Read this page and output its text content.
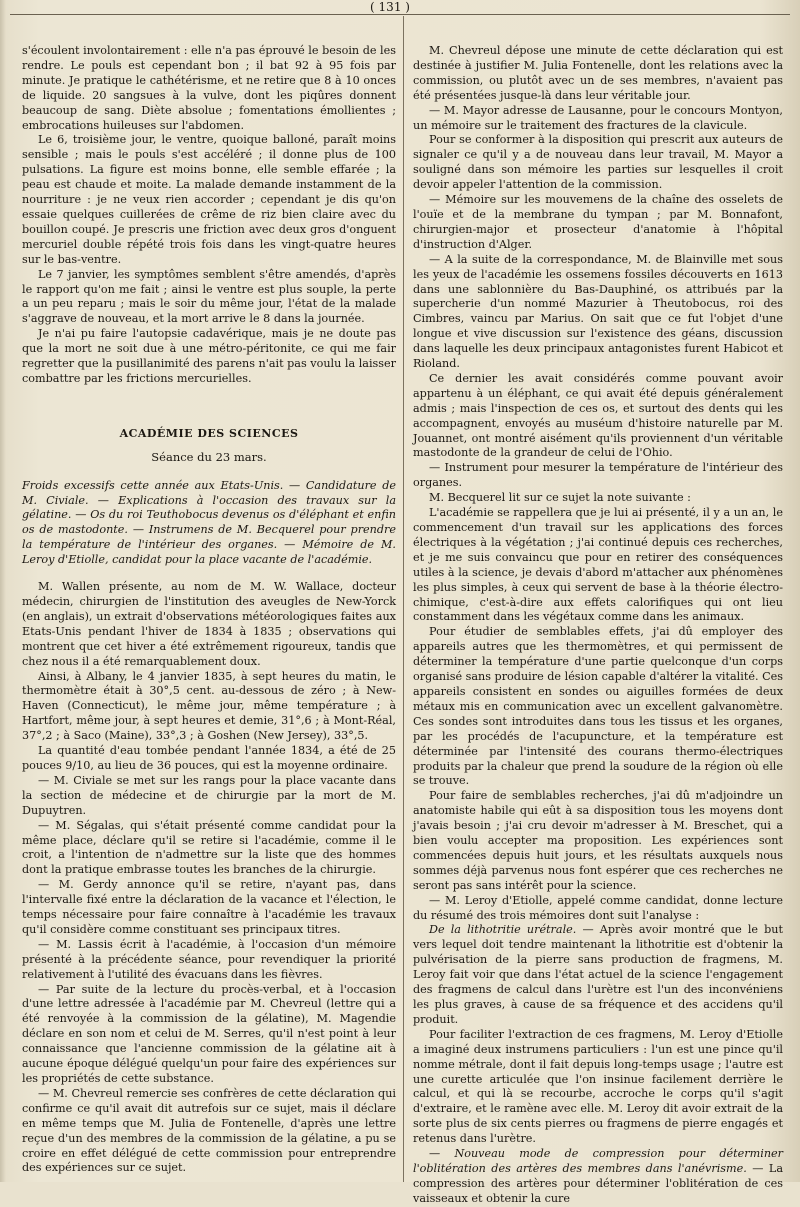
( 131 )

s'écoulent involontairement : elle n'a pas éprouvé le besoin de les rendre. Le pouls est cependant bon ; il bat 92 à 95 fois par minute. Je pratique le cathétérisme, et ne retire que 8 à 10 onces de liquide. 20 sangsues à la vulve, dont les piqûres donnent beaucoup de sang. Diète absolue ; fomentations émollientes ; embrocations huileuses sur l'abdomen.

Le 6, troisième jour, le ventre, quoique balloné, paraît moins sensible ; mais le pouls s'est accéléré ; il donne plus de 100 pulsations. La figure est moins bonne, elle semble effarée ; la peau est chaude et moite. La malade demande instamment de la nourriture : je ne veux rien accorder ; cependant je dis qu'on essaie quelques cuillerées de crême de riz bien claire avec du bouillon coupé. Je prescris une friction avec deux gros d'onguent mercuriel double répété trois fois dans les vingt-quatre heures sur le bas-ventre.

Le 7 janvier, les symptômes semblent s'être amendés, d'après le rapport qu'on me fait ; ainsi le ventre est plus souple, la perte a un peu reparu ; mais le soir du même jour, l'état de la malade s'aggrave de nouveau, et la mort arrive le 8 dans la journée.

Je n'ai pu faire l'autopsie cadavérique, mais je ne doute pas que la mort ne soit due à une métro-péritonite, ce qui me fair regretter que la pusillanimité des parens n'ait pas voulu la laisser combattre par les frictions mercurielles.

ACADÉMIE DES SCIENCES
Séance du 23 mars.

Froids excessifs cette année aux Etats-Unis. — Candidature de M. Civiale. — Explications à l'occasion des travaux sur la gélatine. — Os du roi Teuthobocus devenus os d'éléphant et enfin os de mastodonte. — Instrumens de M. Becquerel pour prendre la température de l'intérieur des organes. — Mémoire de M. Leroy d'Etiolle, candidat pour la place vacante de l'académie.

M. Wallen présente, au nom de M. W. Wallace, docteur médecin, chirurgien de l'institution des aveugles de New-Yorck (en anglais), un extrait d'observations météorologiques faites aux Etats-Unis pendant l'hiver de 1834 à 1835 ; observations qui montrent que cet hiver a été extrêmement rigoureux, tandis que chez nous il a été remarquablement doux.

Ainsi, à Albany, le 4 janvier 1835, à sept heures du matin, le thermomètre était à 30°,5 cent. au-dessous de zéro ; à New-Haven (Connecticut), le même jour, même température ; à Hartfort, même jour, à sept heures et demie, 31°,6 ; à Mont-Réal, 37°,2 ; à Saco (Maine), 33°,3 ; à Goshen (New Jersey), 33°,5.

La quantité d'eau tombée pendant l'année 1834, a été de 25 pouces 9/10, au lieu de 36 pouces, qui est la moyenne ordinaire.

— M. Civiale se met sur les rangs pour la place vacante dans la section de médecine et de chirurgie par la mort de M. Dupuytren.

— M. Ségalas, qui s'était présenté comme candidat pour la même place, déclare qu'il se retire si l'académie, comme il le croit, a l'intention de n'admettre sur la liste que des hommes dont la pratique embrasse toutes les branches de la chirurgie.

— M. Gerdy annonce qu'il se retire, n'ayant pas, dans l'intervalle fixé entre la déclaration de la vacance et l'élection, le temps nécessaire pour faire connaître à l'académie les travaux qu'il considère comme constituant ses principaux titres.

— M. Lassis écrit à l'académie, à l'occasion d'un mémoire présenté à la précédente séance, pour revendiquer la priorité relativement à l'utilité des évacuans dans les fièvres.

— Par suite de la lecture du procès-verbal, et à l'occasion d'une lettre adressée à l'académie par M. Chevreul (lettre qui a été renvoyée à la commission de la gélatine), M. Magendie déclare en son nom et celui de M. Serres, qu'il n'est point à leur connaissance que l'ancienne commission de la gélatine ait à aucune époque délégué quelqu'un pour faire des expériences sur les propriétés de cette substance.

— M. Chevreul remercie ses confrères de cette déclaration qui confirme ce qu'il avait dit autrefois sur ce sujet, mais il déclare en même temps que M. Julia de Fontenelle, d'après une lettre reçue d'un des membres de la commission de la gélatine, a pu se croire en effet délégué de cette commission pour entreprendre des expériences sur ce sujet.

M. Chevreul dépose une minute de cette déclaration qui est destinée à justifier M. Julia Fontenelle, dont les relations avec la commission, ou plutôt avec un de ses membres, n'avaient pas été présentées jusque-là dans leur véritable jour.

— M. Mayor adresse de Lausanne, pour le concours Montyon, un mémoire sur le traitement des fractures de la clavicule.

Pour se conformer à la disposition qui prescrit aux auteurs de signaler ce qu'il y a de nouveau dans leur travail, M. Mayor a souligné dans son mémoire les parties sur lesquelles il croit devoir appeler l'attention de la commission.

— Mémoire sur les mouvemens de la chaîne des osselets de l'ouïe et de la membrane du tympan ; par M. Bonnafont, chirurgien-major et prosecteur d'anatomie à l'hôpital d'instruction d'Alger.

— A la suite de la correspondance, M. de Blainville met sous les yeux de l'académie les ossemens fossiles découverts en 1613 dans une sablonnière du Bas-Dauphiné, os attribués par la supercherie d'un nommé Mazurier à Theutobocus, roi des Cimbres, vaincu par Marius. On sait que ce fut l'objet d'une longue et vive discussion sur l'existence des géans, discussion dans laquelle les deux principaux antagonistes furent Habicot et Rioland.

Ce dernier les avait considérés comme pouvant avoir appartenu à un éléphant, ce qui avait été depuis généralement admis ; mais l'inspection de ces os, et surtout des dents qui les accompagnent, envoyés au muséum d'histoire naturelle par M. Jouannet, ont montré aisément qu'ils proviennent d'un véritable mastodonte de la grandeur de celui de l'Ohio.

— Instrument pour mesurer la température de l'intérieur des organes.

M. Becquerel lit sur ce sujet la note suivante :

L'académie se rappellera que je lui ai présenté, il y a un an, le commencement d'un travail sur les applications des forces électriques à la végétation ; j'ai continué depuis ces recherches, et je me suis convaincu que pour en retirer des conséquences utiles à la science, je devais d'abord m'attacher aux phénomènes les plus simples, à ceux qui servent de base à la théorie électro-chimique, c'est-à-dire aux effets calorifiques qui ont lieu constamment dans les végétaux comme dans les animaux.

Pour étudier de semblables effets, j'ai dû employer des appareils autres que les thermomètres, et qui permissent de déterminer la température d'une partie quelconque d'un corps organisé sans produire de lésion capable d'altérer la vitalité. Ces appareils consistent en sondes ou aiguilles formées de deux métaux mis en communication avec un excellent galvanomètre. Ces sondes sont introduites dans tous les tissus et les organes, par les procédés de l'acupuncture, et la température est déterminée par l'intensité des courans thermo-électriques produits par la chaleur que prend la soudure de la région où elle se trouve.

Pour faire de semblables recherches, j'ai dû m'adjoindre un anatomiste habile qui eût à sa disposition tous les moyens dont j'avais besoin ; j'ai cru devoir m'adresser à M. Breschet, qui a bien voulu accepter ma proposition. Les expériences sont commencées depuis huit jours, et les résultats auxquels nous sommes déjà parvenus nous font espérer que ces recherches ne seront pas sans intérêt pour la science.

— M. Leroy d'Etiolle, appelé comme candidat, donne lecture du résumé des trois mémoires dont suit l'analyse :

De la lithotritie urétrale. — Après avoir montré que le but vers lequel doit tendre maintenant la lithotritie est d'obtenir la pulvérisation de la pierre sans production de fragmens, M. Leroy fait voir que dans l'état actuel de la science l'engagement des fragmens de calcul dans l'urètre est l'un des inconvéniens les plus graves, à cause de sa fréquence et des accidens qu'il produit.

Pour faciliter l'extraction de ces fragmens, M. Leroy d'Etiolle a imaginé deux instrumens particuliers : l'un est une pince qu'il nomme métrale, dont il fait depuis long-temps usage ; l'autre est une curette articulée que l'on insinue facilement derrière le calcul, et qui là se recourbe, accroche le corps qu'il s'agit d'extraire, et le ramène avec elle. M. Leroy dit avoir extrait de la sorte plus de six cents pierres ou fragmens de pierre engagés et retenus dans l'urètre.

— Nouveau mode de compression pour déterminer l'oblitération des artères des membres dans l'anévrisme. — La compression des artères pour déterminer l'oblitération de ces vaisseaux et obtenir la cure
